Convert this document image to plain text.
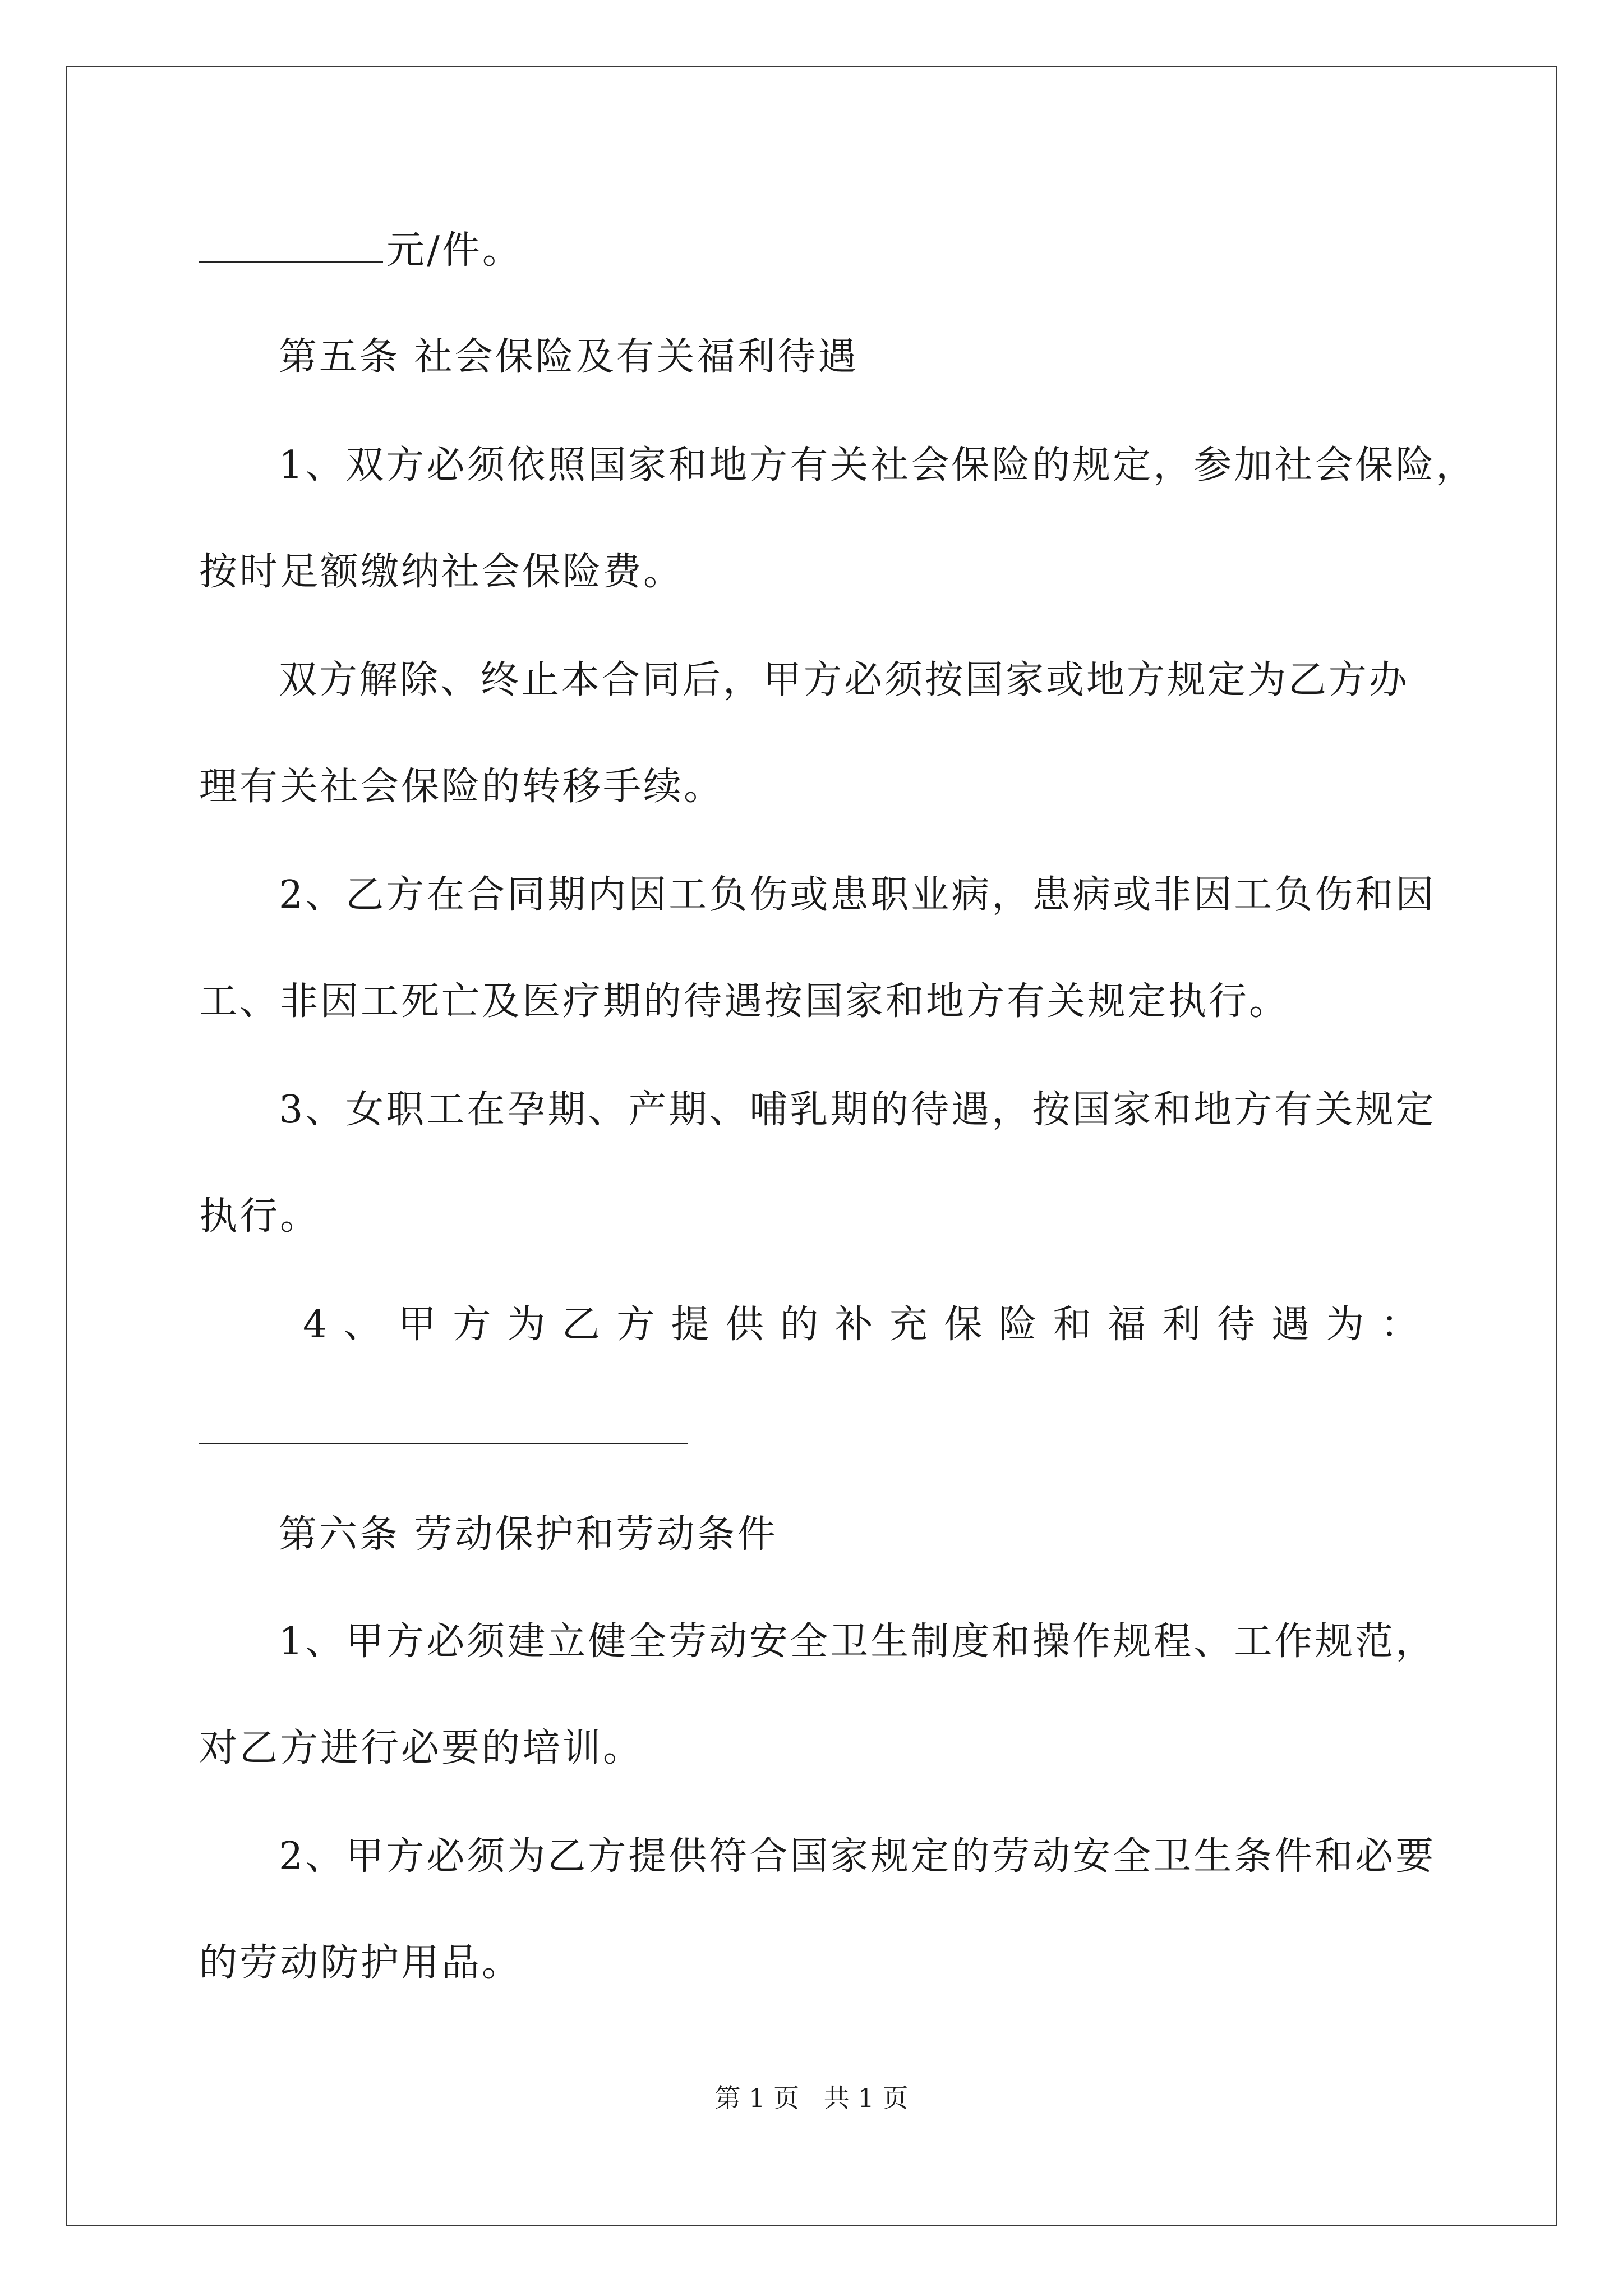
元/件。
第五条 社会保险及有关福利待遇
1、双方必须依照国家和地方有关社会保险的规定，参加社会保险，
按时足额缴纳社会保险费。
双方解除、终止本合同后，甲方必须按国家或地方规定为乙方办
理有关社会保险的转移手续。
2、乙方在合同期内因工负伤或患职业病，患病或非因工负伤和因
工、非因工死亡及医疗期的待遇按国家和地方有关规定执行。
3、女职工在孕期、产期、哺乳期的待遇，按国家和地方有关规定
执行。
4 、 甲 方 为 乙 方 提 供 的 补 充 保 险 和 福 利 待 遇 为 ：
第六条 劳动保护和劳动条件
1、甲方必须建立健全劳动安全卫生制度和操作规程、工作规范，
对乙方进行必要的培训。
2、甲方必须为乙方提供符合国家规定的劳动安全卫生条件和必要
的劳动防护用品。
第 1 页   共 1 页
